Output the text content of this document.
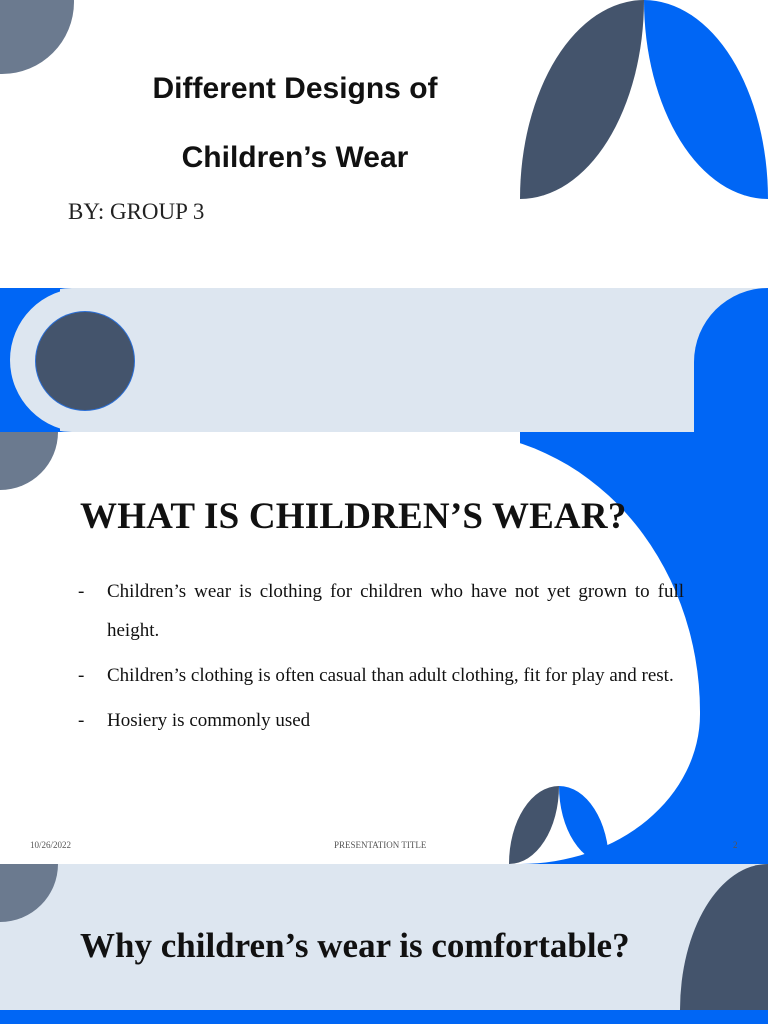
Different Designs of

Children’s Wear

BY: GROUP 3

WHAT IS CHILDREN’S WEAR?

- Children’s wear is clothing for children who have not yet grown to full height.
- Children’s clothing is often casual than adult clothing, fit for play and rest.
- Hosiery is commonly used
10/26/2022	PRESENTATION TITLE	2

Why children’s wear is comfortable?
